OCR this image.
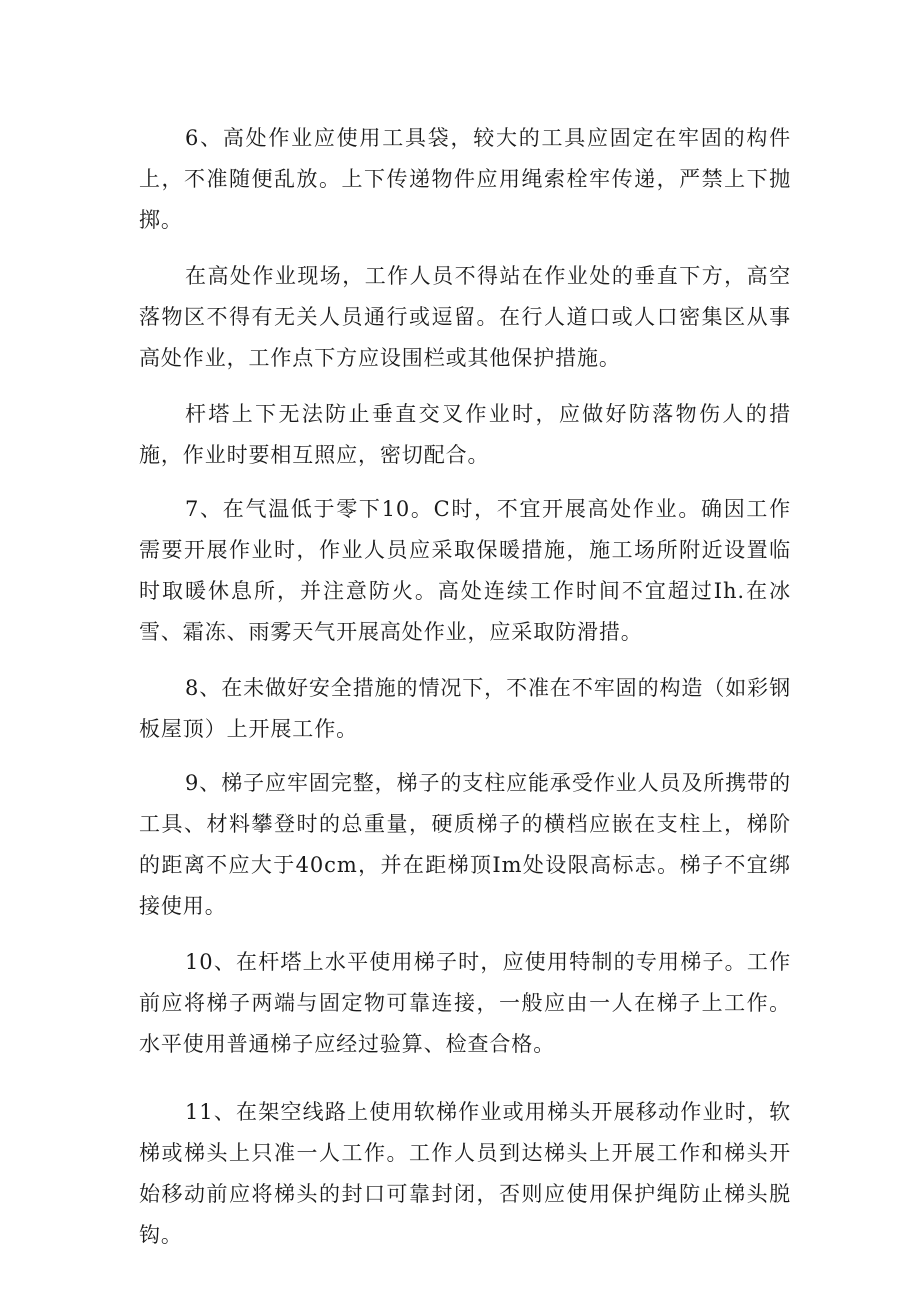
6、高处作业应使用工具袋，较大的工具应固定在牢固的构件上，不准随便乱放。上下传递物件应用绳索栓牢传递，严禁上下抛掷。

在高处作业现场，工作人员不得站在作业处的垂直下方，高空落物区不得有无关人员通行或逗留。在行人道口或人口密集区从事高处作业，工作点下方应设围栏或其他保护措施。

杆塔上下无法防止垂直交叉作业时，应做好防落物伤人的措施，作业时要相互照应，密切配合。

7、在气温低于零下10。C时，不宜开展高处作业。确因工作需要开展作业时，作业人员应采取保暖措施，施工场所附近设置临时取暖休息所，并注意防火。高处连续工作时间不宜超过Ih.在冰雪、霜冻、雨雾天气开展高处作业，应采取防滑措。

8、在未做好安全措施的情况下，不准在不牢固的构造（如彩钢板屋顶）上开展工作。

9、梯子应牢固完整，梯子的支柱应能承受作业人员及所携带的工具、材料攀登时的总重量，硬质梯子的横档应嵌在支柱上，梯阶的距离不应大于40cm，并在距梯顶Im处设限高标志。梯子不宜绑接使用。

10、在杆塔上水平使用梯子时，应使用特制的专用梯子。工作前应将梯子两端与固定物可靠连接，一般应由一人在梯子上工作。水平使用普通梯子应经过验算、检查合格。

11、在架空线路上使用软梯作业或用梯头开展移动作业时，软梯或梯头上只准一人工作。工作人员到达梯头上开展工作和梯头开始移动前应将梯头的封口可靠封闭，否则应使用保护绳防止梯头脱钩。
